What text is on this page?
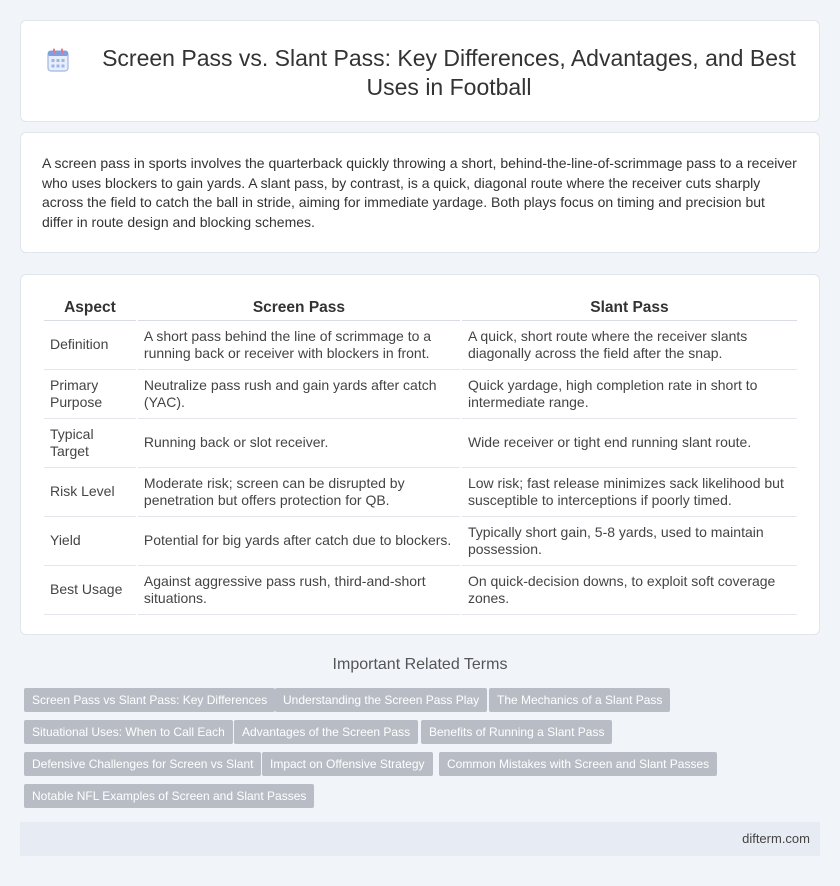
Screen Pass vs. Slant Pass: Key Differences, Advantages, and Best Uses in Football

A screen pass in sports involves the quarterback quickly throwing a short, behind-the-line-of-scrimmage pass to a receiver who uses blockers to gain yards. A slant pass, by contrast, is a quick, diagonal route where the receiver cuts sharply across the field to catch the ball in stride, aiming for immediate yardage. Both plays focus on timing and precision but differ in route design and blocking schemes.

Aspect	Screen Pass	Slant Pass
Definition	A short pass behind the line of scrimmage to a running back or receiver with blockers in front.	A quick, short route where the receiver slants diagonally across the field after the snap.
Primary Purpose	Neutralize pass rush and gain yards after catch (YAC).	Quick yardage, high completion rate in short to intermediate range.
Typical Target	Running back or slot receiver.	Wide receiver or tight end running slant route.
Risk Level	Moderate risk; screen can be disrupted by penetration but offers protection for QB.	Low risk; fast release minimizes sack likelihood but susceptible to interceptions if poorly timed.
Yield	Potential for big yards after catch due to blockers.	Typically short gain, 5-8 yards, used to maintain possession.
Best Usage	Against aggressive pass rush, third-and-short situations.	On quick-decision downs, to exploit soft coverage zones.
Important Related Terms
Screen Pass vs Slant Pass: Key Differences	Understanding the Screen Pass Play	The Mechanics of a Slant Pass
Situational Uses: When to Call Each	Advantages of the Screen Pass	Benefits of Running a Slant Pass
Defensive Challenges for Screen vs Slant	Impact on Offensive Strategy	Common Mistakes with Screen and Slant Passes
Notable NFL Examples of Screen and Slant Passes
difterm.com
